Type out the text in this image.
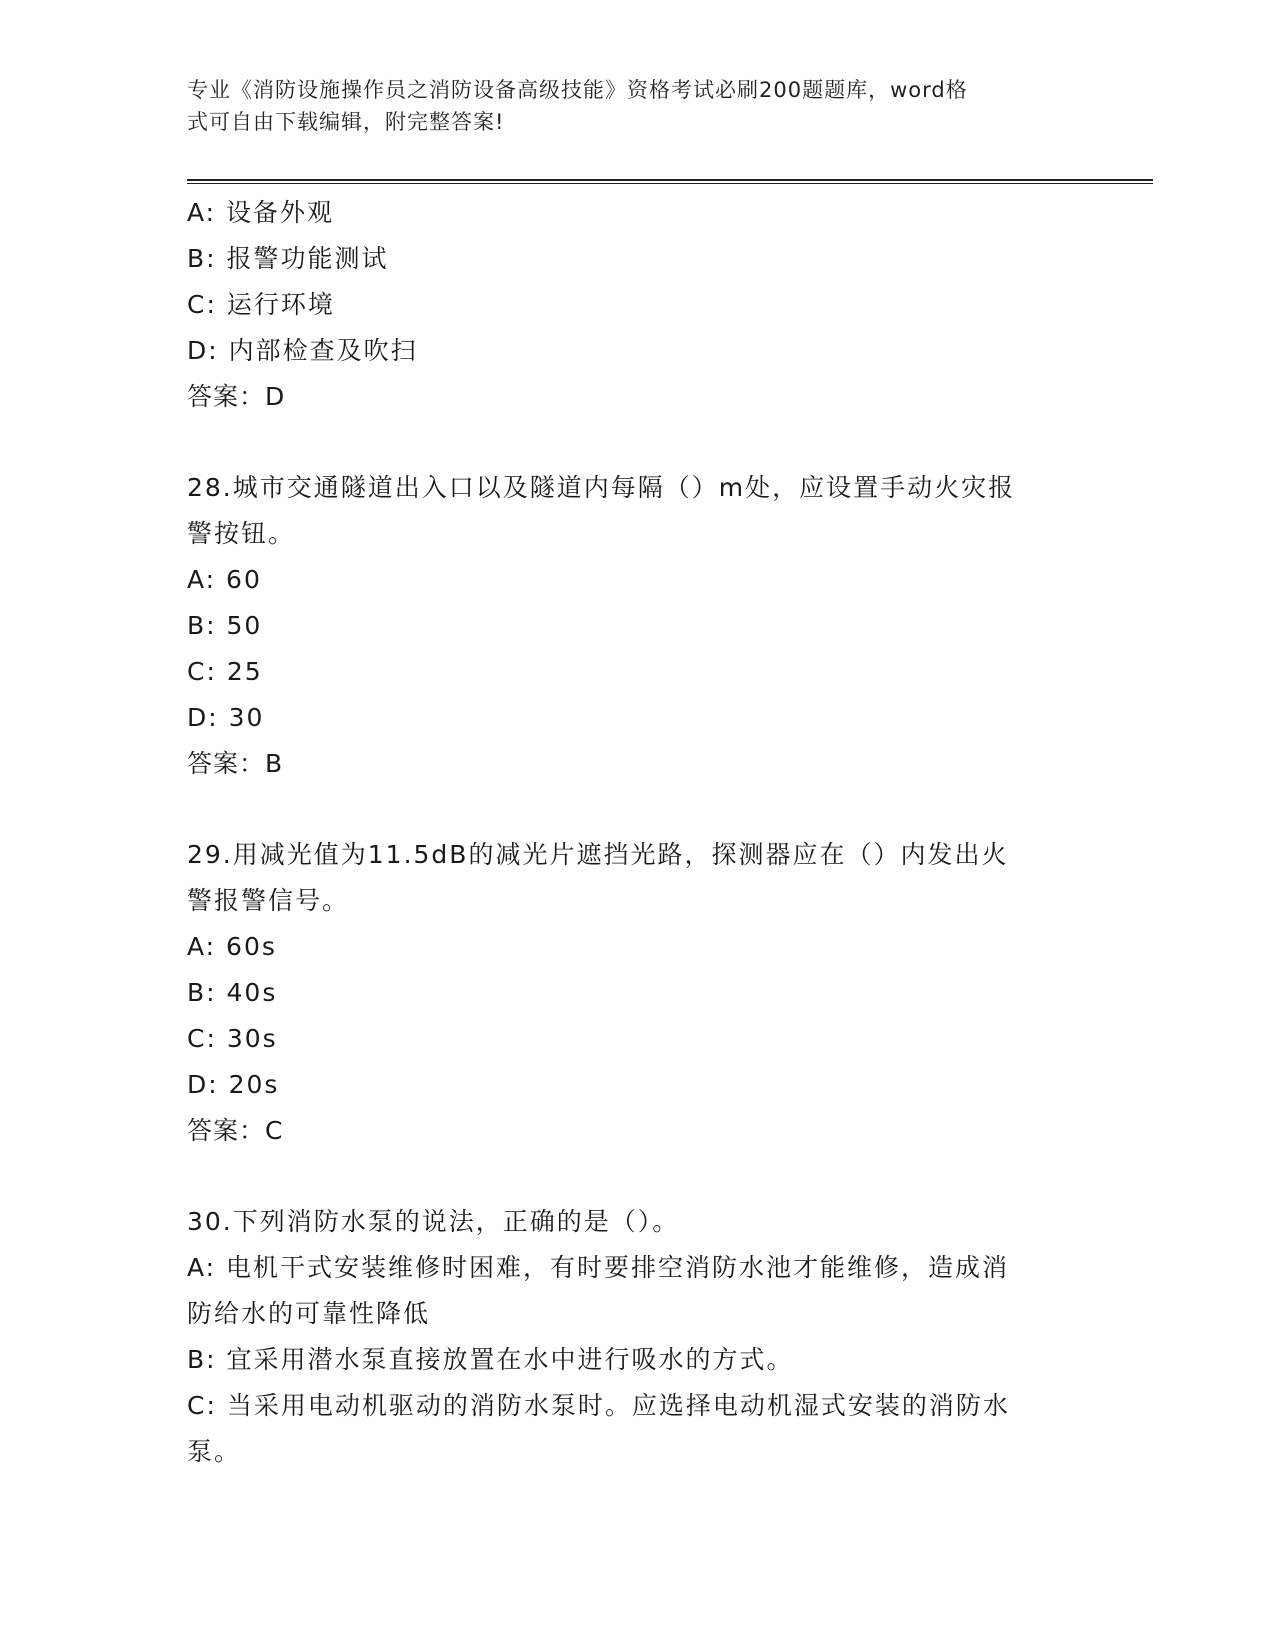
专业《消防设施操作员之消防设备高级技能》资格考试必刷200题题库，word格
式可自由下载编辑，附完整答案!
A: 设备外观
B: 报警功能测试
C: 运行环境
D: 内部检查及吹扫
答案：D
28.城市交通隧道出入口以及隧道内每隔（）m处，应设置手动火灾报
警按钮。
A: 60
B: 50
C: 25
D: 30
答案：B
29.用减光值为11.5dB的减光片遮挡光路，探测器应在（）内发出火
警报警信号。
A: 60s
B: 40s
C: 30s
D: 20s
答案：C
30.下列消防水泵的说法，正确的是（）。
A: 电机干式安装维修时困难，有时要排空消防水池才能维修，造成消
防给水的可靠性降低
B: 宜采用潜水泵直接放置在水中进行吸水的方式。
C: 当采用电动机驱动的消防水泵时。应选择电动机湿式安装的消防水
泵。
